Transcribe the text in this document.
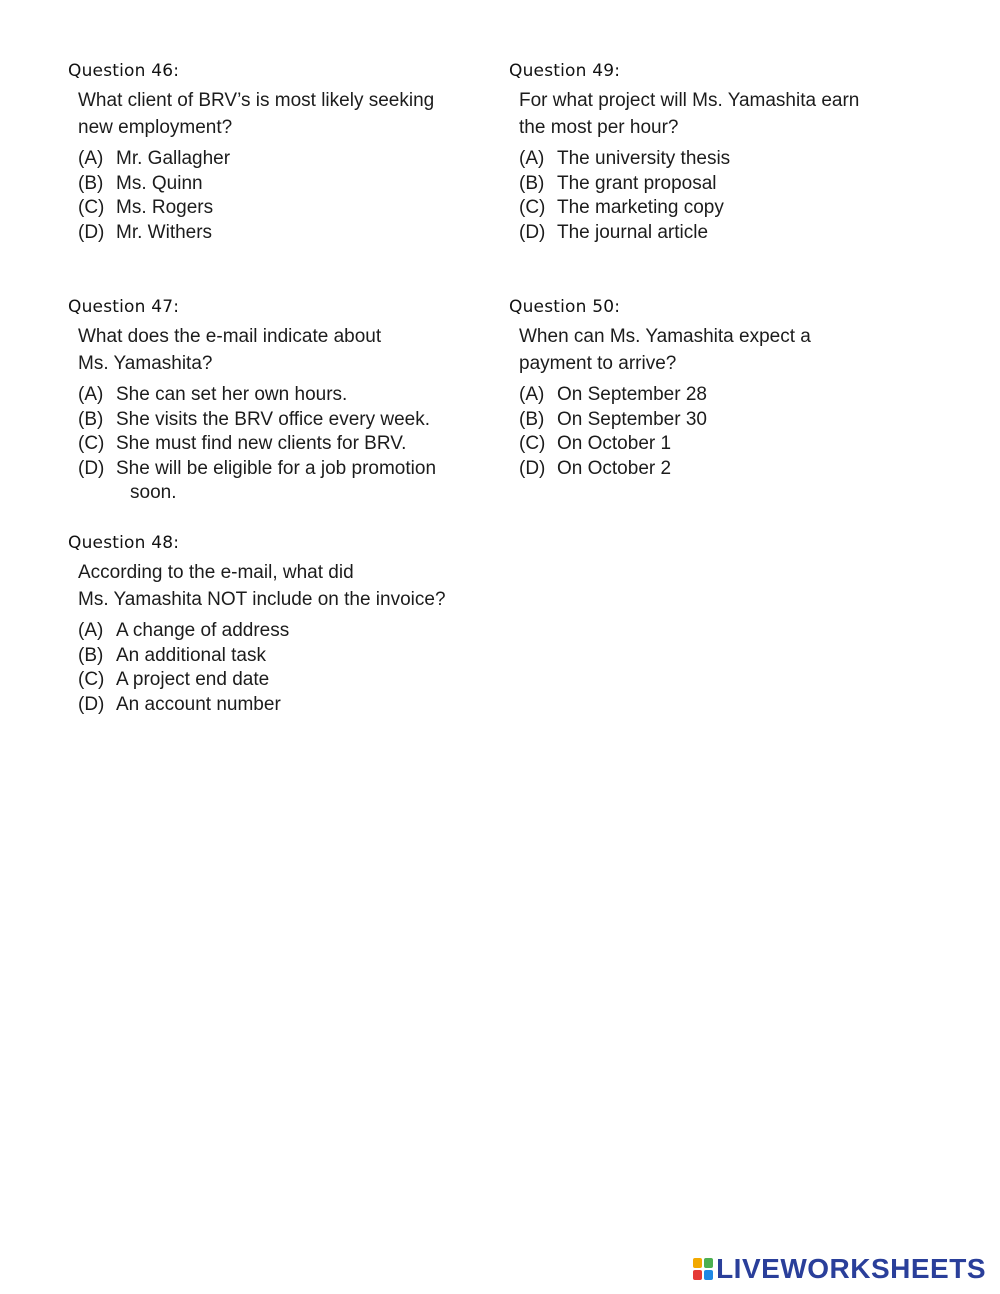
Question 46:
What client of BRV’s is most likely seeking
new employment?
(A) Mr. Gallagher
(B) Ms. Quinn
(C) Ms. Rogers
(D) Mr. Withers
Question 47:
What does the e-mail indicate about
Ms. Yamashita?
(A) She can set her own hours.
(B) She visits the BRV office every week.
(C) She must find new clients for BRV.
(D) She will be eligible for a job promotion
soon.
Question 48:
According to the e-mail, what did
Ms. Yamashita NOT include on the invoice?
(A) A change of address
(B) An additional task
(C) A project end date
(D) An account number
Question 49:
For what project will Ms. Yamashita earn
the most per hour?
(A) The university thesis
(B) The grant proposal
(C) The marketing copy
(D) The journal article
Question 50:
When can Ms. Yamashita expect a
payment to arrive?
(A) On September 28
(B) On September 30
(C) On October 1
(D) On October 2
LIVEWORKSHEETS
